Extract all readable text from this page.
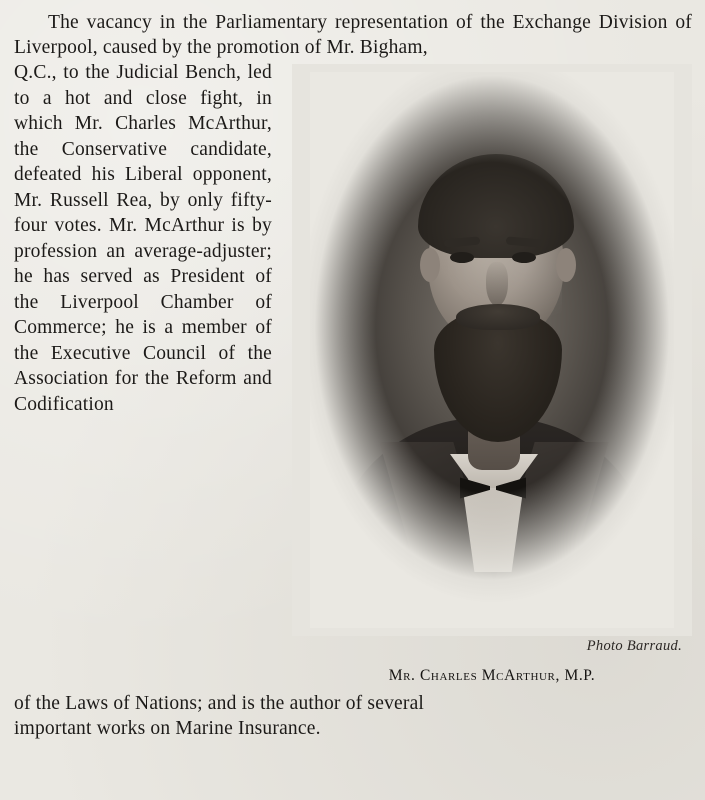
The vacancy in the Parliamentary representation of the Exchange Division of Liverpool, caused by the promotion of Mr. Bigham,

Photo Barraud.
Mr. Charles McArthur, M.P.

Q.C., to the Judicial Bench, led to a hot and close fight, in which Mr. Charles McArthur, the Conservative candidate, defeated his Liberal opponent, Mr. Russell Rea, by only fifty-four votes. Mr. McArthur is by profession an average-adjuster; he has served as President of the Liverpool Chamber of Commerce; he is a member of the Executive Council of the Association for the Reform and Codification

of the Laws of Nations; and is the author of several

important works on Marine Insurance.
